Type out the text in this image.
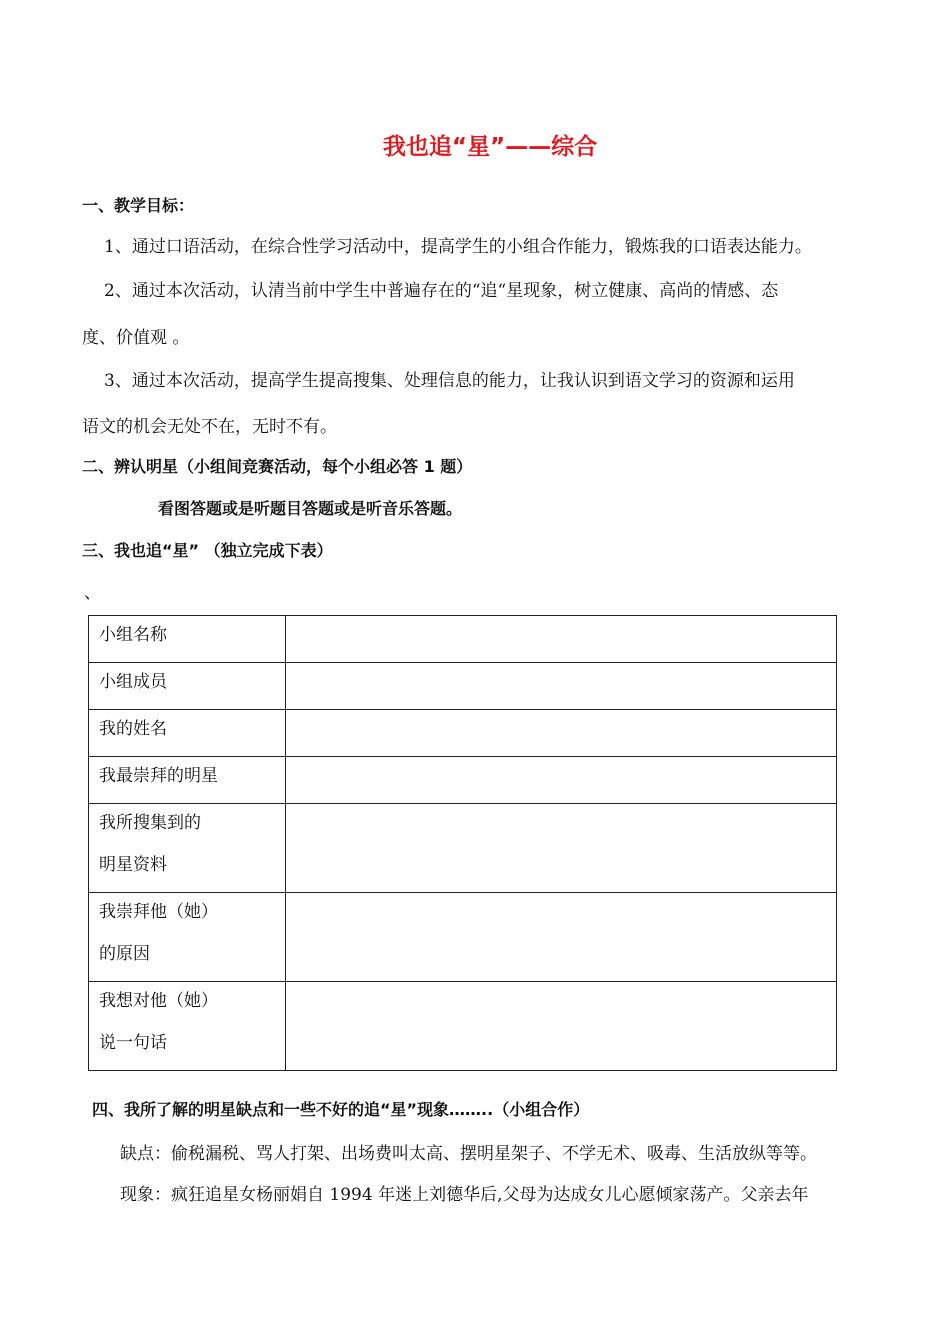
我也追“星”——综合
一、教学目标：
1、通过口语活动，在综合性学习活动中，提高学生的小组合作能力，锻炼我的口语表达能力。
2、通过本次活动，认清当前中学生中普遍存在的“追“星现象，树立健康、高尚的情感、态
度、价值观 。
3、通过本次活动，提高学生提高搜集、处理信息的能力，让我认识到语文学习的资源和运用
语文的机会无处不在，无时不有。
二、辨认明星（小组间竞赛活动，每个小组必答 1 题）
看图答题或是听题目答题或是听音乐答题。
三、我也追“星” （独立完成下表）
、
小组名称	

小组成员	

我的姓名	

我最崇拜的明星	

我所搜集到的
明星资料	

我崇拜他（她）
的原因	

我想对他（她）
说一句话	

四、我所了解的明星缺点和一些不好的追“星”现象……..（小组合作）
缺点：偷税漏税、骂人打架、出场费叫太高、摆明星架子、不学无术、吸毒、生活放纵等等。
现象：疯狂追星女杨丽娟自 1994 年迷上刘德华后,父母为达成女儿心愿倾家荡产。父亲去年
